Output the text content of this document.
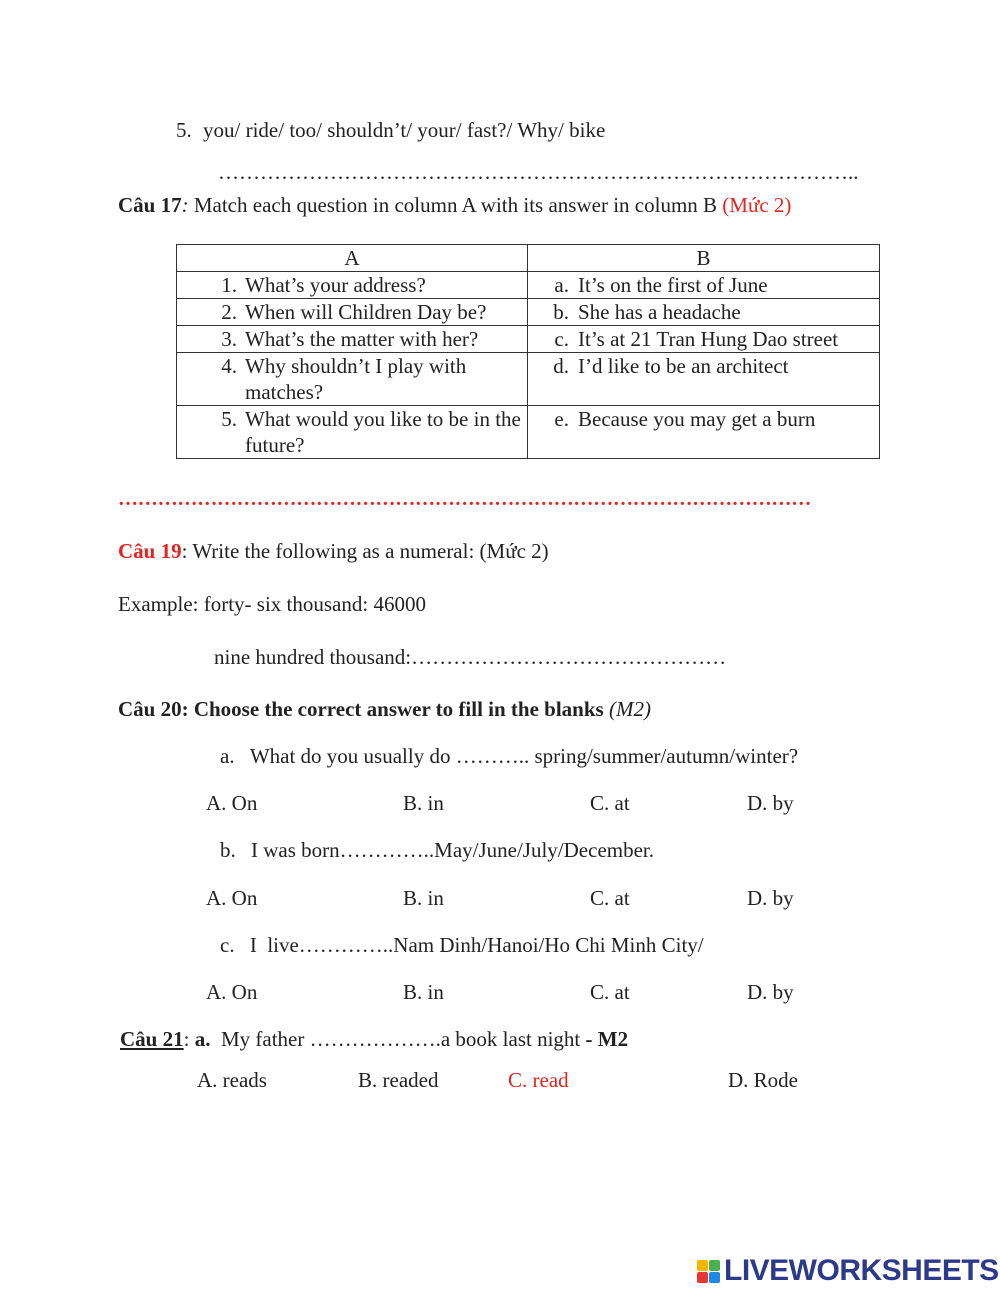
5. you/ ride/ too/ shouldn’t/ your/ fast?/ Why/ bike
………………………………………………………………………………..
Câu 17: Match each question in column A with its answer in column B (Mức 2)
A	B

1. What’s your address?	a. It’s on the first of June

2. When will Children Day be?	b. She has a headache

3. What’s the matter with her?	c. It’s at 21 Tran Hung Dao street

4. Why shouldn’t I play with matches?	d. I’d like to be an architect

5. What would you like to be in the future?	e. Because you may get a burn
……………………………………………………………………………………………
Câu 19: Write the following as a numeral: (Mức 2)
Example: forty- six thousand: 46000
nine hundred thousand:………………………………………
Câu 20: Choose the correct answer to fill in the blanks (M2)
a. What do you usually do ……….. spring/summer/autumn/winter?
A. On	B. in	C. at	D. by
b. I was born…………..May/June/July/December.
A. On	B. in	C. at	D. by
c. I  live…………..Nam Dinh/Hanoi/Ho Chi Minh City/
A. On	B. in	C. at	D. by
Câu 21: a.  My father ……………….a book last night - M2
A. reads	B. readed	C. read	D. Rode
LIVEWORKSHEETS
